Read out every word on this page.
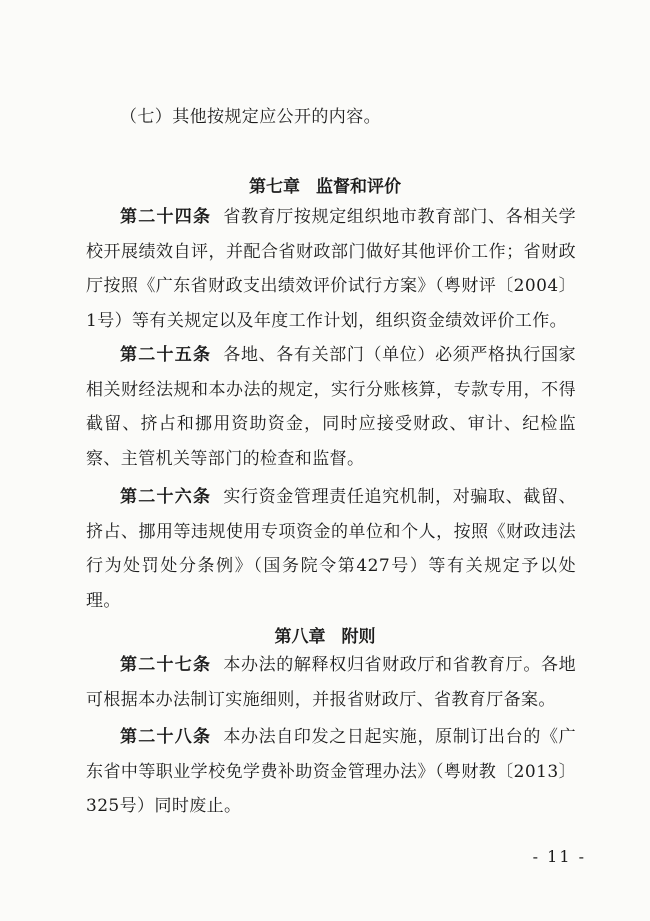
（七）其他按规定应公开的内容。

第七章 监督和评价

第二十四条 省教育厅按规定组织地市教育部门、各相关学校开展绩效自评，并配合省财政部门做好其他评价工作；省财政厅按照《广东省财政支出绩效评价试行方案》（粤财评〔2004〕1号）等有关规定以及年度工作计划，组织资金绩效评价工作。

第二十五条 各地、各有关部门（单位）必须严格执行国家相关财经法规和本办法的规定，实行分账核算，专款专用，不得截留、挤占和挪用资助资金，同时应接受财政、审计、纪检监察、主管机关等部门的检查和监督。

第二十六条 实行资金管理责任追究机制，对骗取、截留、挤占、挪用等违规使用专项资金的单位和个人，按照《财政违法行为处罚处分条例》（国务院令第427号）等有关规定予以处理。

第八章 附则

第二十七条 本办法的解释权归省财政厅和省教育厅。各地可根据本办法制订实施细则，并报省财政厅、省教育厅备案。

第二十八条 本办法自印发之日起实施，原制订出台的《广东省中等职业学校免学费补助资金管理办法》（粤财教〔2013〕325号）同时废止。

- 11 -
